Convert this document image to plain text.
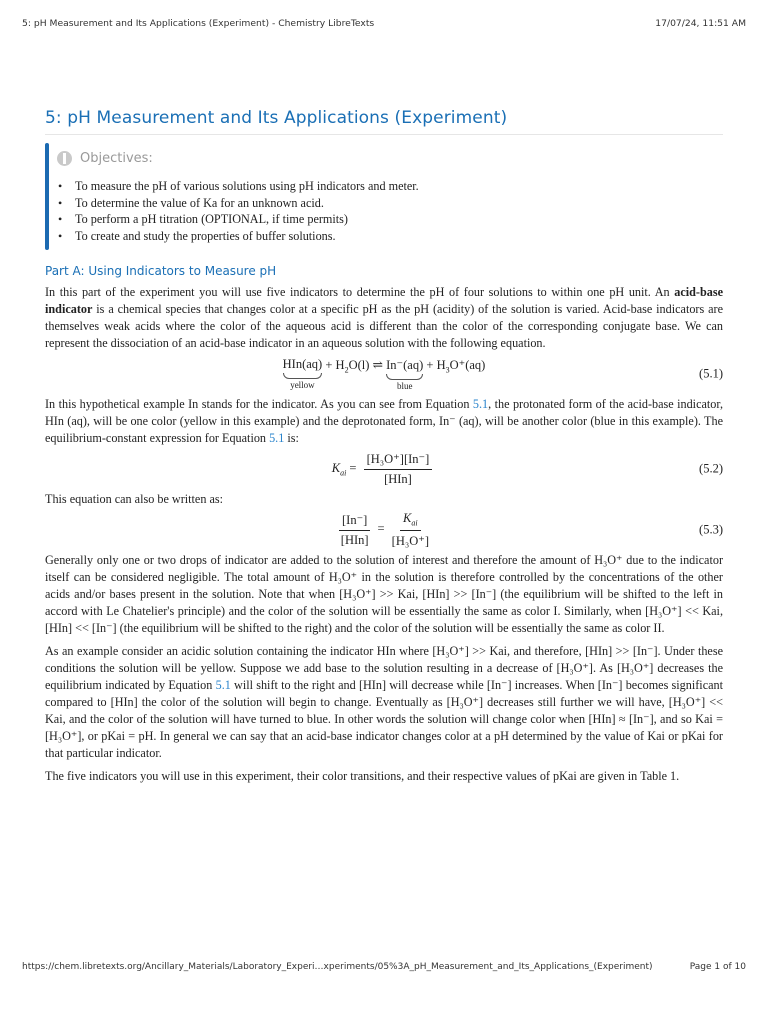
5: pH Measurement and Its Applications (Experiment) - Chemistry LibreTexts	17/07/24, 11:51 AM
5: pH Measurement and Its Applications (Experiment)
Objectives:
• To measure the pH of various solutions using pH indicators and meter.
• To determine the value of Ka for an unknown acid.
• To perform a pH titration (OPTIONAL, if time permits)
• To create and study the properties of buffer solutions.
Part A: Using Indicators to Measure pH

In this part of the experiment you will use five indicators to determine the pH of four solutions to within one pH unit. An acid-base indicator is a chemical species that changes color at a specific pH as the pH (acidity) of the solution is varied. Acid-base indicators are themselves weak acids where the color of the aqueous acid is different than the color of the corresponding conjugate base. We can represent the dissociation of an acid-base indicator in an aqueous solution with the following equation.

HIn(aq)
yellow
+ $H_2O(l)$ ⇌ In⁻(aq)
blue
+ $H_3O^+(aq)$
(5.1)

In this hypothetical example In stands for the indicator. As you can see from Equation 5.1, the protonated form of the acid-base indicator, HIn (aq), will be one color (yellow in this example) and the deprotonated form, In⁻ (aq), will be another color (blue in this example). The equilibrium-constant expression for Equation 5.1 is:

$K_{ai} = \frac{\text{[H₃O⁺][In⁻]}}{\text{[HIn]}}$	(5.2)

This equation can also be written as:

$\frac{[In^-]}{\text{[HIn]}} = \frac{K_{ai}}{\text{[H₃O⁺]}}$	(5.3)

Generally only one or two drops of indicator are added to the solution of interest and therefore the amount of H₃O⁺ due to the indicator itself can be considered negligible. The total amount of H₃O⁺ in the solution is therefore controlled by the concentrations of the other acids and/or bases present in the solution. Note that when [H₃O⁺] >> Kai, [HIn] >> [In⁻] (the equilibrium will be shifted to the left in accord with Le Chatelier's principle) and the color of the solution will be essentially the same as color I. Similarly, when [H₃O⁺] << Kai, [HIn] << [In⁻] (the equilibrium will be shifted to the right) and the color of the solution will be essentially the same as color II.

As an example consider an acidic solution containing the indicator HIn where [H₃O⁺] >> Kai, and therefore, [HIn] >> [In⁻]. Under these conditions the solution will be yellow. Suppose we add base to the solution resulting in a decrease of [H₃O⁺]. As [H₃O⁺] decreases the equilibrium indicated by Equation 5.1 will shift to the right and [HIn] will decrease while [In⁻] increases. When [In⁻] becomes significant compared to [HIn] the color of the solution will begin to change. Eventually as [H₃O⁺] decreases still further we will have, [H₃O⁺] << Kai, and the color of the solution will have turned to blue. In other words the solution will change color when [HIn] ≈ [In⁻], and so Kai = [H₃O⁺], or pKai = pH. In general we can say that an acid-base indicator changes color at a pH determined by the value of Kai or pKai for that particular indicator.

The five indicators you will use in this experiment, their color transitions, and their respective values of pKai are given in Table 1.

https://chem.libretexts.org/Ancillary_Materials/Laboratory_Experi…xperiments/05%3A_pH_Measurement_and_Its_Applications_(Experiment)	Page 1 of 10
